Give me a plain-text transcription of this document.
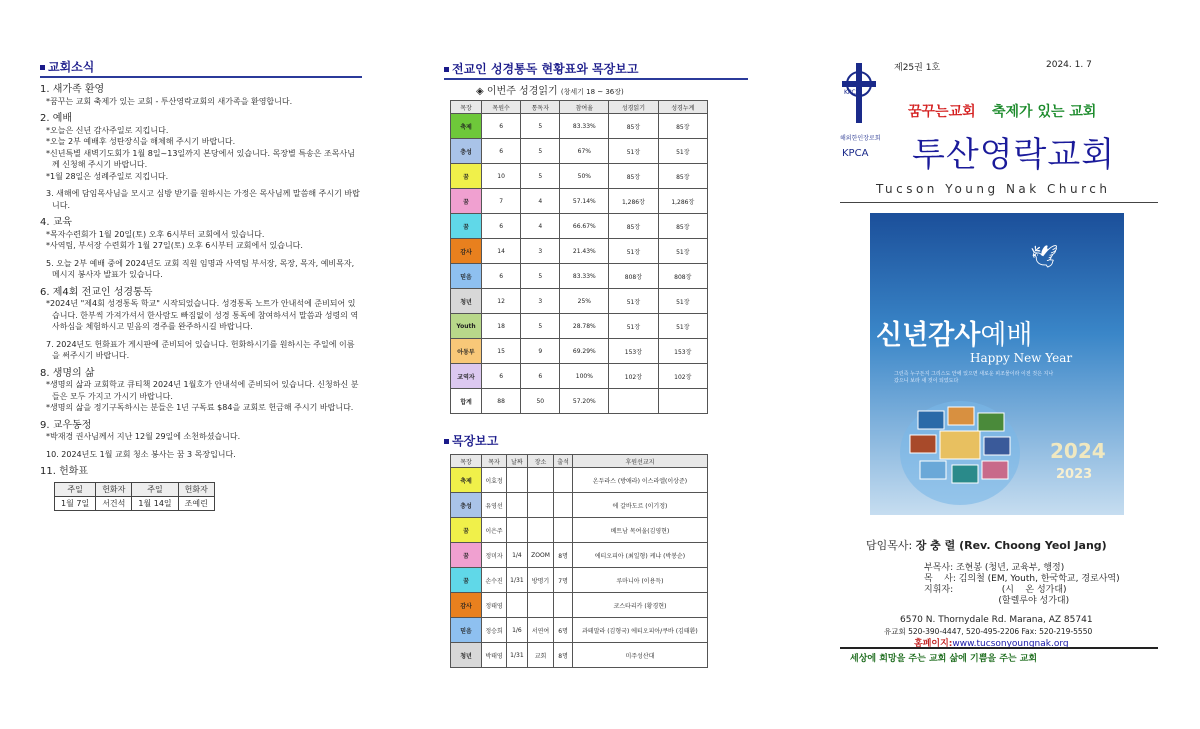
교회소식
1. 새가족 환영
*꿈꾸는 교회 축제가 있는 교회 - 투산영락교회의 새가족을 환영합니다.
2. 예배
*오늘은 신년 감사주일로 지킵니다.
*오늘 2부 예배후 성탄장식을 해체해 주시기 바랍니다.
*신년특별 새벽기도회가 1월 8일~13일까지 본당에서 있습니다. 목장별 특송은 조목사님께 신청해 주시기 바랍니다.
*1월 28일은 성례주일로 지킵니다.
3. 새해에 담임목사님을 모시고 심방 받기를 원하시는 가정은 목사님께 말씀해 주시기 바랍니다.
4. 교육
*목자수련회가 1월 20일(토) 오후 6시부터 교회에서 있습니다.
*사역팀, 부서장 수련회가 1월 27일(토) 오후 6시부터 교회에서 있습니다.
5. 오늘 2부 예배 중에 2024년도 교회 직원 임명과 사역팀 부서장, 목장, 목자, 예비목자, 메시지 봉사자 발표가 있습니다.
6. 제4회 전교인 성경통독
*2024년 "제4회 성경통독 학교" 시작되었습니다. 성경통독 노트가 안내석에 준비되어 있습니다. 한부씩 가져가셔서 한사람도 빠짐없이 성경 통독에 참여하셔서 말씀과 성령의 역사하심을 체험하시고 믿음의 경주를 완주하시길 바랍니다.
7. 2024년도 헌화표가 게시판에 준비되어 있습니다. 헌화하시기를 원하시는 주일에 이름을 써주시기 바랍니다.
8. 생명의 삶
*생명의 삶과 교회학교 큐티책 2024년 1월호가 안내석에 준비되어 있습니다. 신청하신 분들은 모두 가지고 가시기 바랍니다.
*생명의 삶을 정기구독하시는 분들은 1년 구독료 $84을 교회로 헌금해 주시기 바랍니다.
9. 교우동정
*박재경 권사님께서 지난 12월 29일에 소천하셨습니다.
10. 2024년도 1월 교회 청소 봉사는 꿈 3 목장입니다.
11. 헌화표
주일	헌화자	주일	헌화자
1월 7일	서건석	1월 14일	조예린
전교인 성경통독 현황표와 목장보고
◈ 이번주 성경읽기 (창세기 18 ~ 36장)
목장	목원수	통독자	참여율	성경읽기	성경누계
축제	6	5	83.33%	85장	85장
충성	6	5	67%	51장	51장
꿈	10	5	50%	85장	85장
꿈	7	4	57.14%	1,286장	1,286장
꿈	6	4	66.67%	85장	85장
감사	14	3	21.43%	51장	51장
믿음	6	5	83.33%	808장	808장
청년	12	3	25%	51장	51장
Youth	18	5	28.78%	51장	51장
아동부	15	9	69.29%	153장	153장
교역자	6	6	100%	102장	102장
합계	88	50	57.20%		
목장보고
목장	목자	날짜	장소	출석	후원선교지
축제	이효정				온두라스 (방애라) 이스라엘(이상준)
충성	유영선				에 갈바도르 (이기정)
꿈	이은주				베트남 목여울(김영현)
꿈	정미자	1/4	ZOOM	8명	에티오피아 (최일형) 케냐 (박봉순)
꿈	손수진	1/31	방명기	7명	루마니아 (이용득)
감사	정태영				코스타리카 (황경현)
믿음	정승희	1/6	서연여	6명	과테말라 (김형국) 에티오피아/쿠바 (김태환)
청년	박태영	1/31	교회	8명	미주성산대
KPCA
해외한인장로회
KPCA
제25권 1호	2024. 1. 7
꿈꾸는교회 축제가 있는 교회
투산영락교회
Tucson Young Nak Church
🕊
신년감사예배
Happy New Year
그런즉 누구든지 그리스도 안에 있으면 새로운 피조물이라 이전 것은 지나갔으니 보라 새 것이 되었도다
2024
2023
담임목사: 장 충 렬 (Rev. Choong Yeol Jang)
부목사: 조현봉 (청년, 교육부, 행정)
목    사: 김의철 (EM, Youth, 한국학교, 경로사역)
지휘자:                 (시    온 성가대)
(할렐루야 성가대)
6570 N. Thornydale Rd. Marana, AZ 85741
유교회 520-390-4447, 520-495-2206 Fax: 520-219-5550
홈페이지:www.tucsonyoungnak.org
세상에 희망을 주는 교회 삶에 기쁨을 주는 교회
